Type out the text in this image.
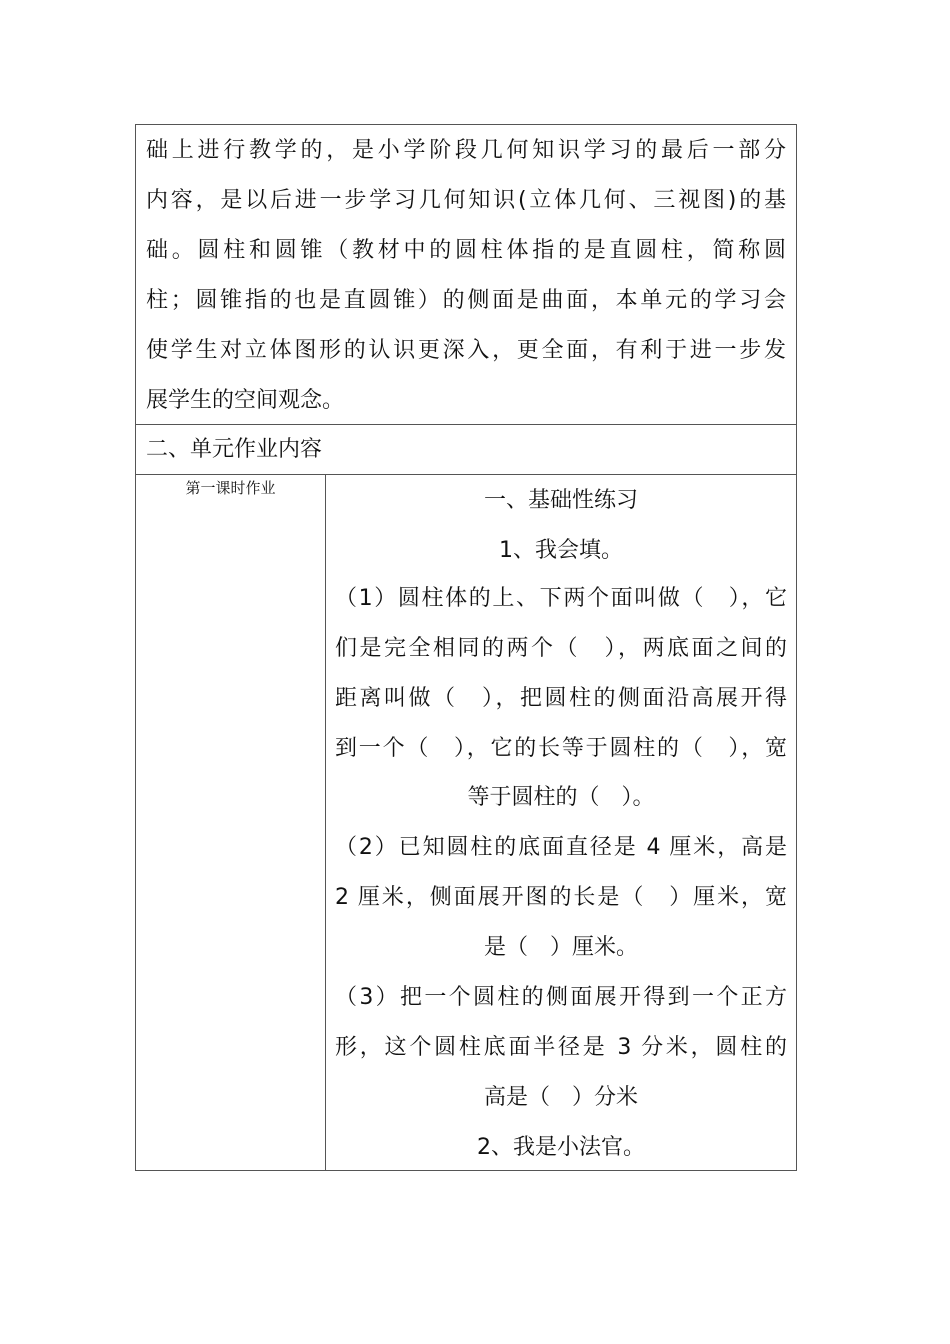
础上进行教学的，是小学阶段几何知识学习的最后一部分
内容，是以后进一步学习几何知识(立体几何、三视图)的基
础。圆柱和圆锥（教材中的圆柱体指的是直圆柱，简称圆
柱；圆锥指的也是直圆锥）的侧面是曲面，本单元的学习会
使学生对立体图形的认识更深入，更全面，有利于进一步发
展学生的空间观念。
二、单元作业内容
第一课时作业	一、基础性练习
1、我会填。
（1）圆柱体的上、下两个面叫做（　），它
们是完全相同的两个（　），两底面之间的
距离叫做（　），把圆柱的侧面沿高展开得
到一个（　），它的长等于圆柱的（　），宽
等于圆柱的（　）。
（2）已知圆柱的底面直径是 4 厘米，高是
2 厘米，侧面展开图的长是（　）厘米，宽
是（　）厘米。
（3）把一个圆柱的侧面展开得到一个正方
形，这个圆柱底面半径是 3 分米，圆柱的
高是（　）分米
2、我是小法官。
